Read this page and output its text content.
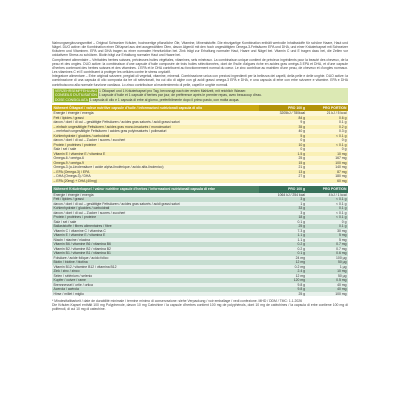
Nahrungsergänzungsmittel – Original Schweizer Kräuter, hochwertige pflanzliche Öle, Vitamine, Mineralstoffe. Die einzigartige Kombination enthält wertvolle Inhaltsstoffe für schöne Haare, Haut und Nägel. DUO active: die Kombination einer ÖlKapsel aus drei ausgewählten Ölen, davon Algenöl mit den hoch ungesättigten Omega-3-Fettsäuren EPA und DHA, und einer Kräuterkapsel mit Schweizer Kräutern und Vitaminen. EPA und DHA tragen zu einer normalen Herzfunktion bei. Zink trägt zur Erhaltung normaler Haut, Haare und Nägel bei. Vitamin C und E tragen dazu bei, die Zellen vor oxidativem Stress zu schützen. Biotin trägt zur Erhaltung normaler Haut und Haare bei.

Complément alimentaire – Véritables herbes suisses, précieuses huiles végétales, vitamines, sels minéraux. La combinaison unique contient de précieux ingrédients pour la beauté des cheveux, de la peau et des ongles. DUO active: la combinaison d'une capsule d'huile composée de trois huiles sélectionnées, dont de l'huile d'algues riche en acides gras oméga-3 EPA et DHA, et d'une capsule d'herbes contenant des herbes suisses et des vitamines. L'EPA et le DHA contribuent au fonctionnement normal du cœur. Le zinc contribue au maintien d'une peau, de cheveux et d'ongles normaux. Les vitamines C et E contribuent à protéger les cellules contre le stress oxydatif.

Integratore alimentare – Erbe originali svizzere, pregiati oli vegetali, vitamine, minerali. Combinazione unica con preziosi ingredienti per la bellezza dei capelli, della pelle e delle unghie. DUO active: la combinazione di una capsula di olio composta da tre oli selezionati, tra cui olio di alghe con gli acidi grassi omega-3 EPA e DHA, e una capsula di erbe con erbe svizzere e vitamine. EPA e DHA contribuiscono alla normale funzione cardiaca. Lo zinco contribuisce al mantenimento di pelle, capelli e unghie normali.

VERZEHRSEMPFEHLUNG 1 Ölkapsel und 1 Kräuterkapsel pro Tag, bevorzugt nach der ersten Mahlzeit, mit reichlich Wasser.

CONSEILS D'UTILISATION 1 capsule d'huile et 1 capsule d'herbes par jour, de préférence après le premier repas, avec beaucoup d'eau.

DOSE CONSIGLIATA 1 capsula di olio e 1 capsula di erbe al giorno, preferibilmente dopo il primo pasto, con molta acqua.

Nährwert Ölkapsel / valeur nutritive capsule d'huile / informazioni nutrizionali capsula di olio	PRO 100 g	PRO PORTION
Energie / énergie / energia	3205kJ / 780kcal	21 kJ / 5 kcal
Fett / lipides / grassi	84 g	0.6 g
davon / dont / di cui – gesättigte Fettsäuren / acides gras saturés / acidi grassi saturi	9 g	0.1 g
– einfach ungesättigte Fettsäuren / acides gras mono-insaturés / monoinsaturi	35 g	0.2 g
– mehrfach ungesättigte Fettsäuren / acides gras polyinsaturés / polinsaturi	40 g	0.3 g
Kohlenhydrate / glucides / carboidrati	5 g	< 0.1 g
davon / dont / di cui – Zucker / sucres / zuccheri	0 g	0 g
Protein / protéines / proteine	10 g	< 0.1 g
Salz / sel / sale	0 g	0 g
Vitamin E / vitamine E / vitamina E	1.5 g	10 mg
Omega-6 / oméga-6	25 g	167 mg
Omega-9 / oméga-9	15 g	100 mg
Omega-3 (α-Linolensäure / acide alpha-linolénique / acido alfa-linolenico)	21 g	140 mg
– EPA (Omega-3) / EPA	13 g	87 mg
– DHA (Omega-3) / DHA	27 g	180 mg
– EPA (20mg) + DHA (40mg)		60 mg
Nährwert Kräuterkapsel / valeur nutritive capsule d'herbes / informazioni nutrizionali capsula di erbe	PRO 100 g	PRO PORTION
Energie / énergie / energia	1064 kJ / 254 kcal	4 kJ / 1 kcal
Fett / lipides / grassi	3 g	< 0.1 g
davon / dont / di cui – gesättigte Fettsäuren / acides gras saturés / acidi grassi saturi	1 g	< 0.1 g
Kohlenhydrate / glucides / carboidrati	33 g	0.1 g
davon / dont / di cui – Zucker / sucres / zuccheri	3 g	< 0.1 g
Protein / protéines / proteine	18 g	< 0.1 g
Salz / sel / sale	0.1 g	0 g
Ballaststoffe / fibres alimentaires / fibre	25 g	0.1 g
Vitamin C / vitamine C / vitamina C	7.3 g	30 mg
Vitamin E / vitamine E / vitamina E	1.1 g	5 mg
Niacin / niacine / niacina	1.1 g	5 mg
Vitamin B6 / vitamine B6 / vitamina B6	0.2 g	0.7 mg
Vitamin B2 / vitamine B2 / vitamina B2	0.2 g	0.7 mg
Vitamin B1 / vitamine B1 / vitamina B1	0.1 g	0.6 mg
Folsäure / acide folique / acido folico	24 mg	100 µg
Biotin / biotine / biotina	12 mg	50 µg
Vitamin B12 / vitamine B12 / vitamina B12	0.2 mg	1 µg
Zink / zinc / zinco	2.4 g	10 mg
Selen / sélénium / selenio	12 mg	50 µg
Kupfer / cuivre / rame	120 mg	0.5 mg
Brennnessel / ortie / ortica	9.8 g	40 mg
Acerola / acérola	9.8 g	40 mg
Hirse / millet / miglio	25 g	100 mg

* Mindestfaltbarkeit / date de durabilité minimale / termine minimo di conservazione: siehe Verpackung / voir emballage / vedi confezione. MHD / DDM / TMC: 1.1.2026

Die Kräuter-Kapsel enthält 100 mg Polyphenole, davon 10 mg Catechine / la capsule d'herbes contient 100 mg de polyphénols, dont 10 mg de catéchines / la capsula di erbe contiene 100 mg di polifenoli, di cui 10 mg di catechine.
